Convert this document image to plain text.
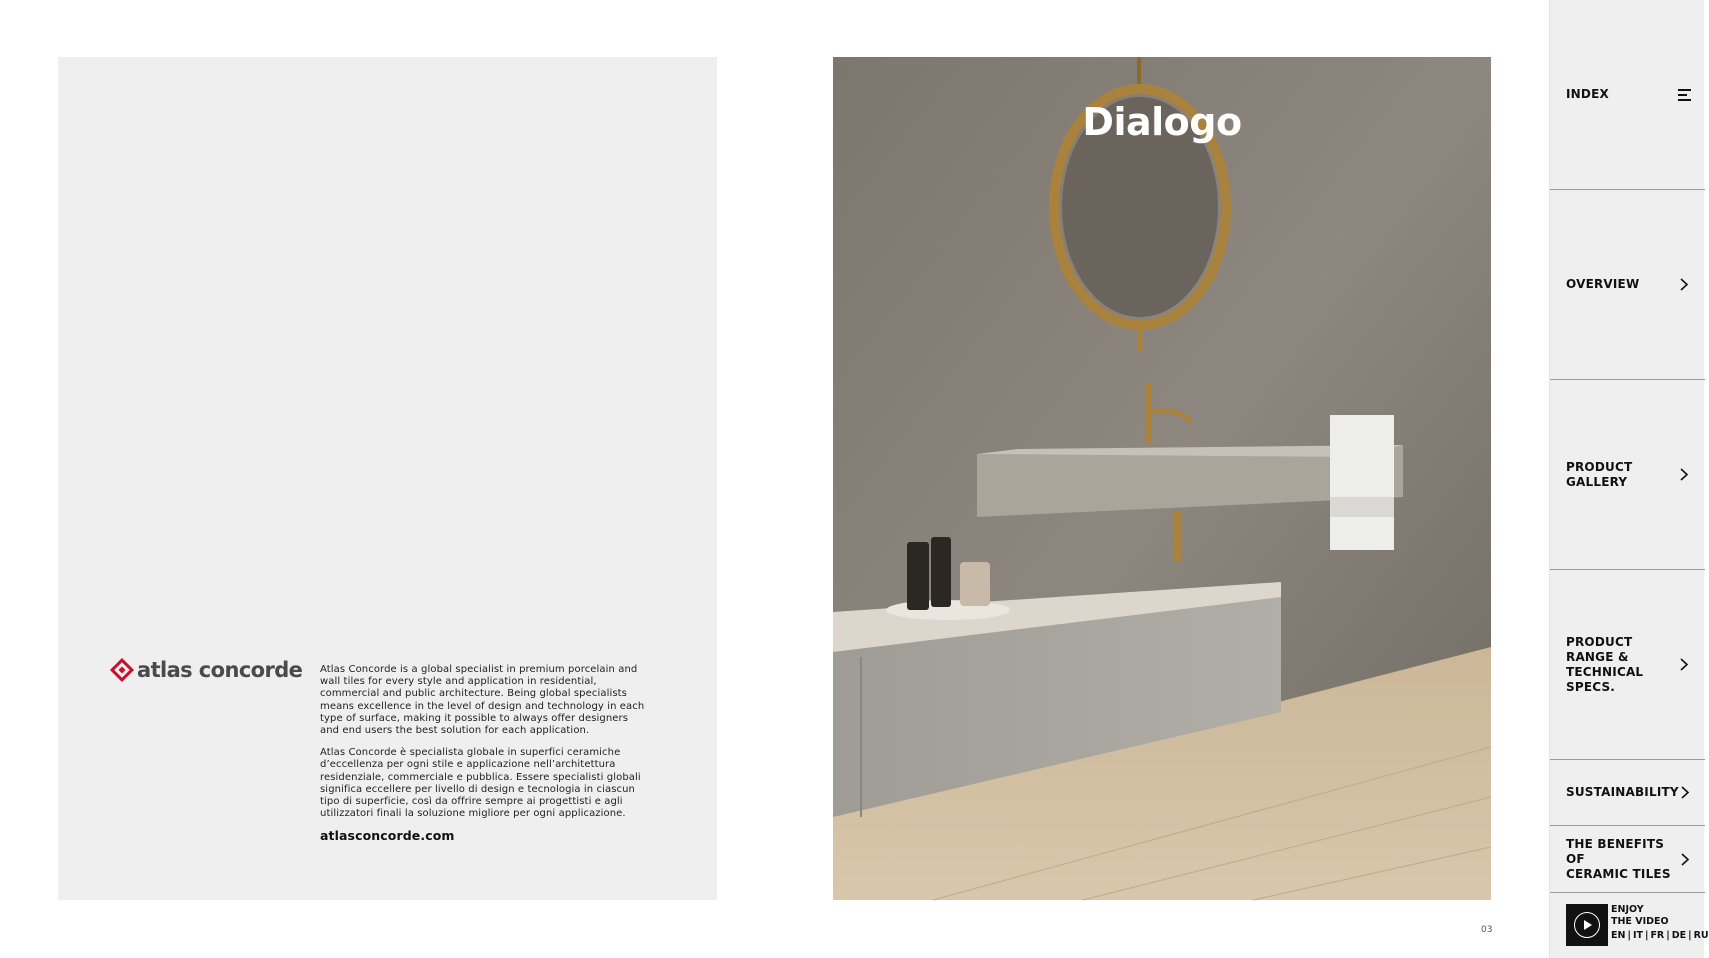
atlas concorde Atlas Concorde is a global specialist in premium porcelain and wall tiles for every style and application in residential, commercial and public architecture. Being global specialists means excellence in the level of design and technology in each type of surface, making it possible to always offer designers and end users the best solution for each application.

Atlas Concorde è specialista globale in superfici ceramiche d’eccellenza per ogni stile e applicazione nell’architettura residenziale, commerciale e pubblica. Essere specialisti globali significa eccellere per livello di design e tecnologia in ciascun tipo di superficie, così da offrire sempre ai progettisti e agli utilizzatori finali la soluzione migliore per ogni applicazione.

atlasconcorde.com
Dialogo
03
INDEX
OVERVIEW
PRODUCT
GALLERY
PRODUCT
RANGE &
TECHNICAL
SPECS.
SUSTAINABILITY
THE BENEFITS OF
CERAMIC TILES
ENJOY
THE VIDEO
EN | IT | FR | DE | RU
